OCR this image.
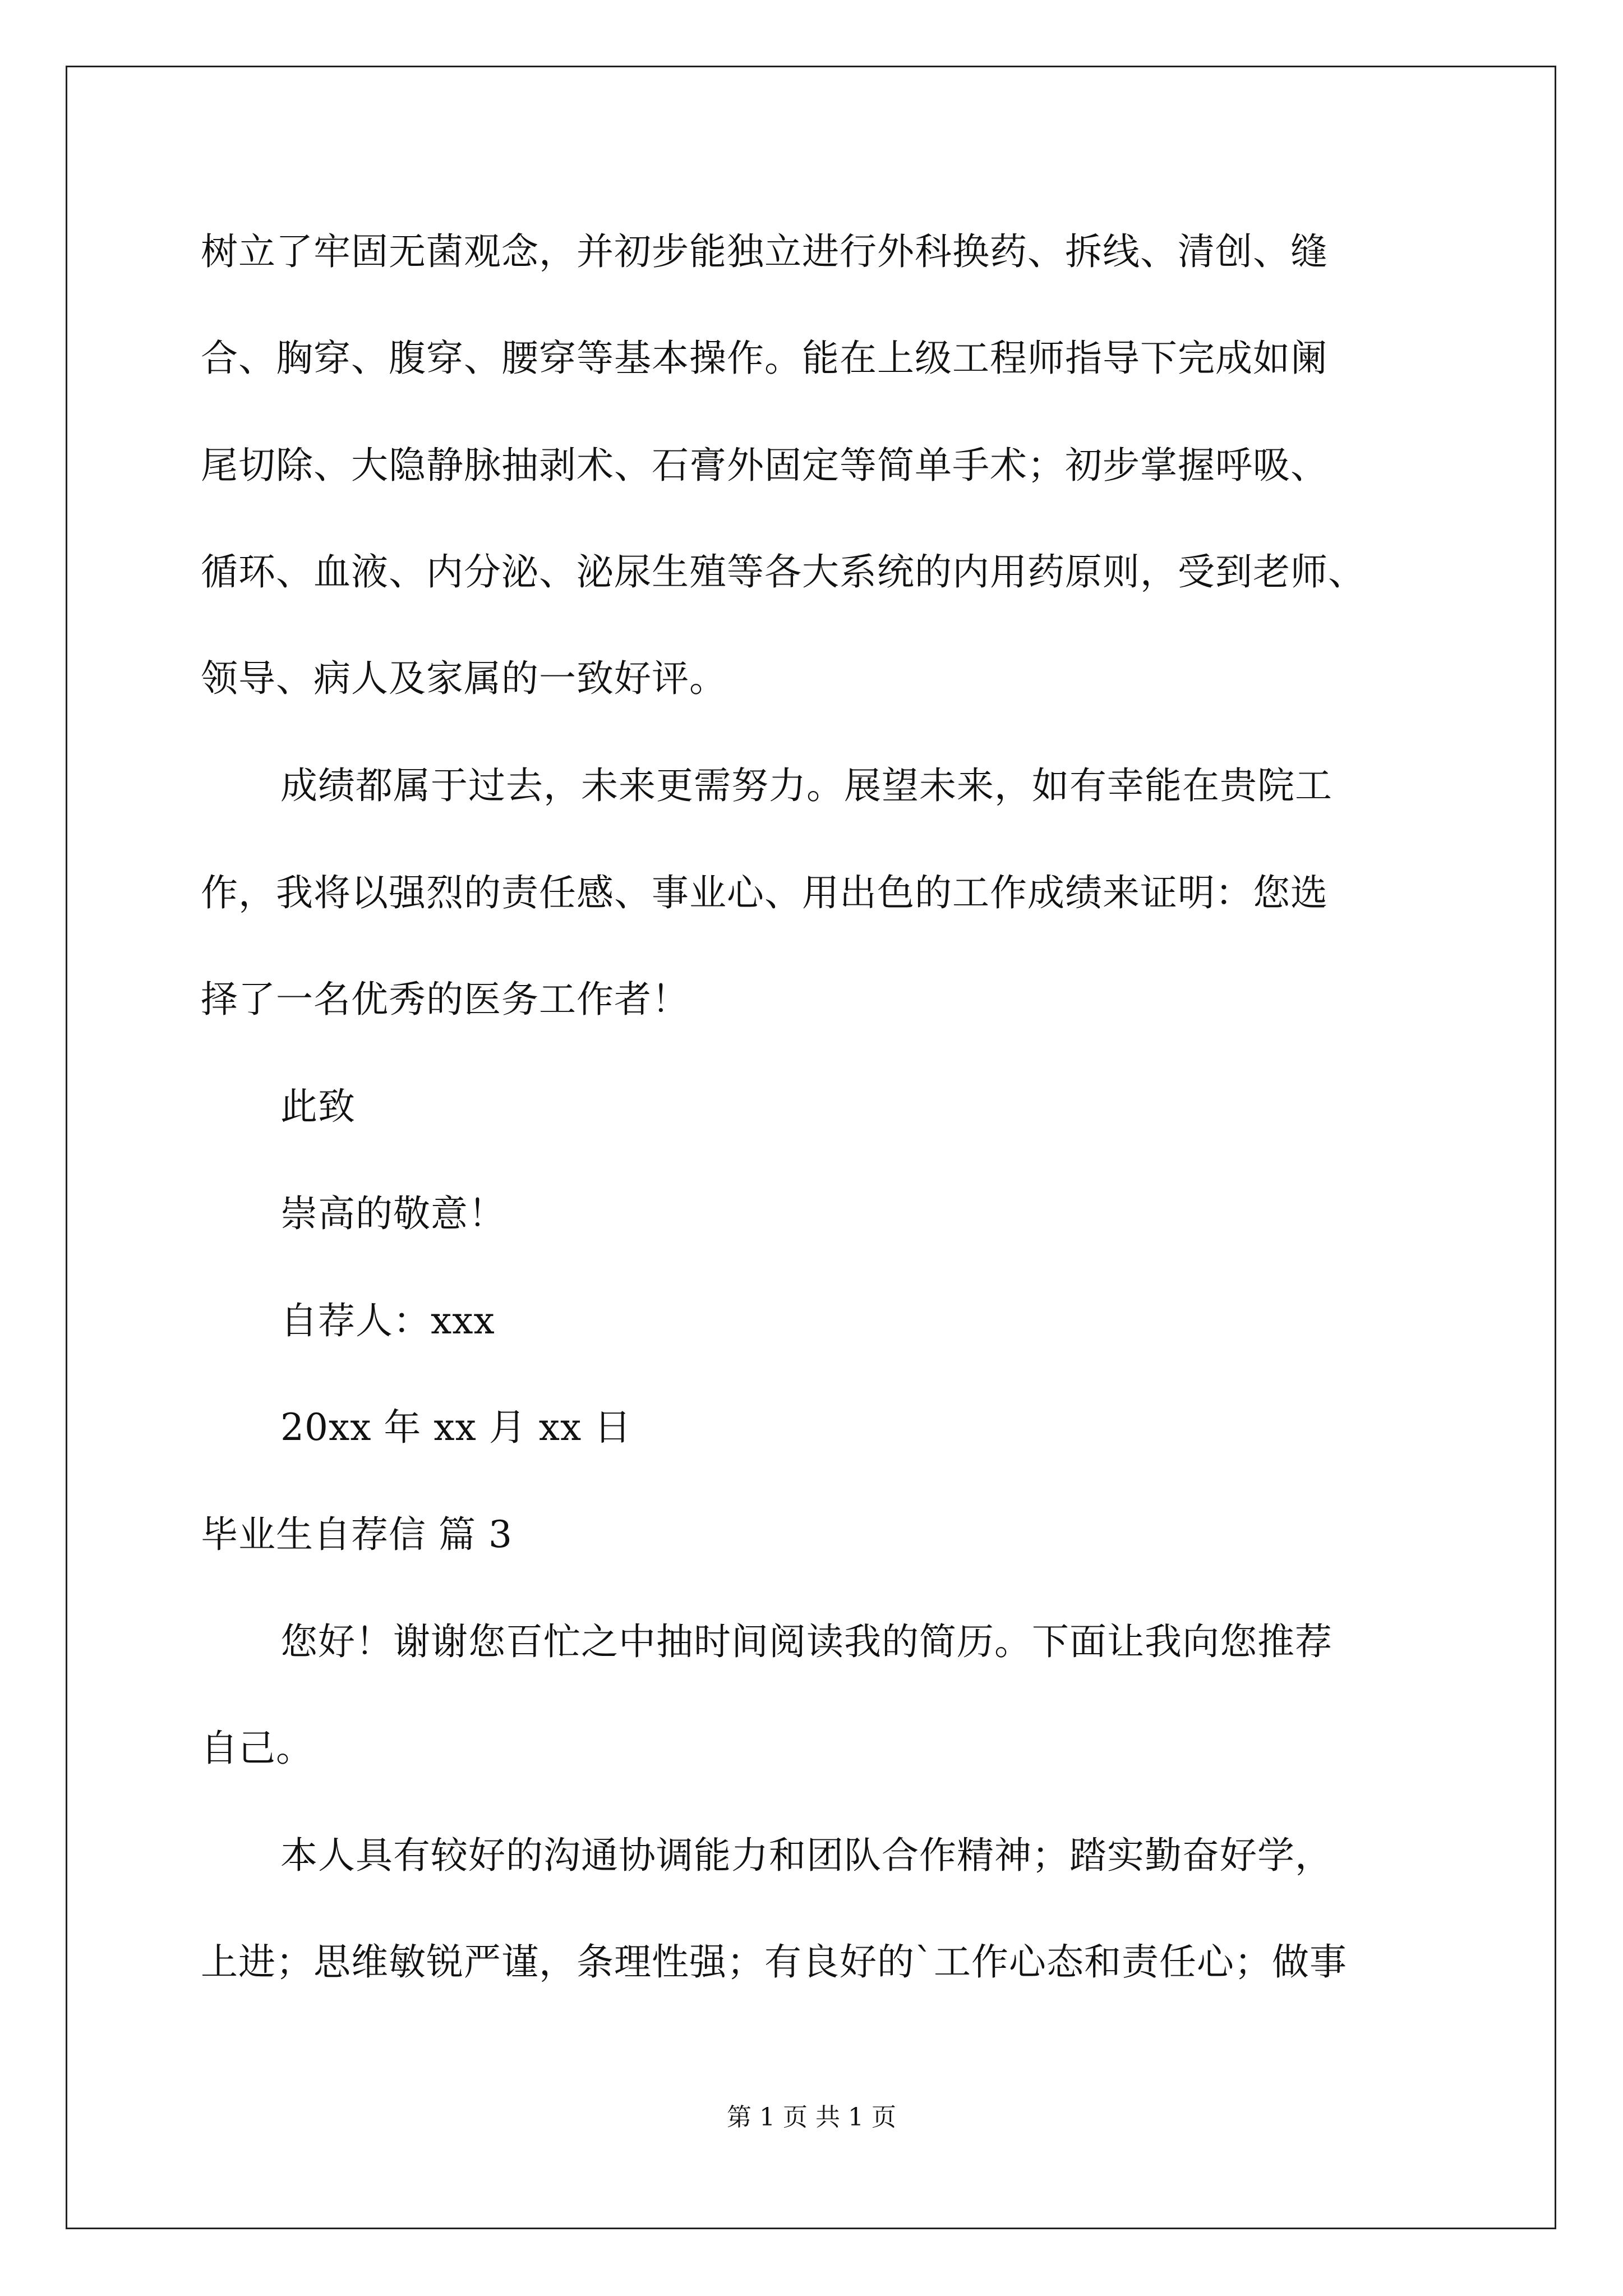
树立了牢固无菌观念，并初步能独立进行外科换药、拆线、清创、缝
合、胸穿、腹穿、腰穿等基本操作。能在上级工程师指导下完成如阑
尾切除、大隐静脉抽剥术、石膏外固定等简单手术；初步掌握呼吸、
循环、血液、内分泌、泌尿生殖等各大系统的内用药原则，受到老师、
领导、病人及家属的一致好评。
成绩都属于过去，未来更需努力。展望未来，如有幸能在贵院工
作，我将以强烈的责任感、事业心、用出色的工作成绩来证明：您选
择了一名优秀的医务工作者！
此致
崇高的敬意！
自荐人：xxx
20xx 年 xx 月 xx 日
毕业生自荐信 篇 3
您好！谢谢您百忙之中抽时间阅读我的简历。下面让我向您推荐
自己。
本人具有较好的沟通协调能力和团队合作精神；踏实勤奋好学，
上进；思维敏锐严谨，条理性强；有良好的`工作心态和责任心；做事
第 1 页 共 1 页
